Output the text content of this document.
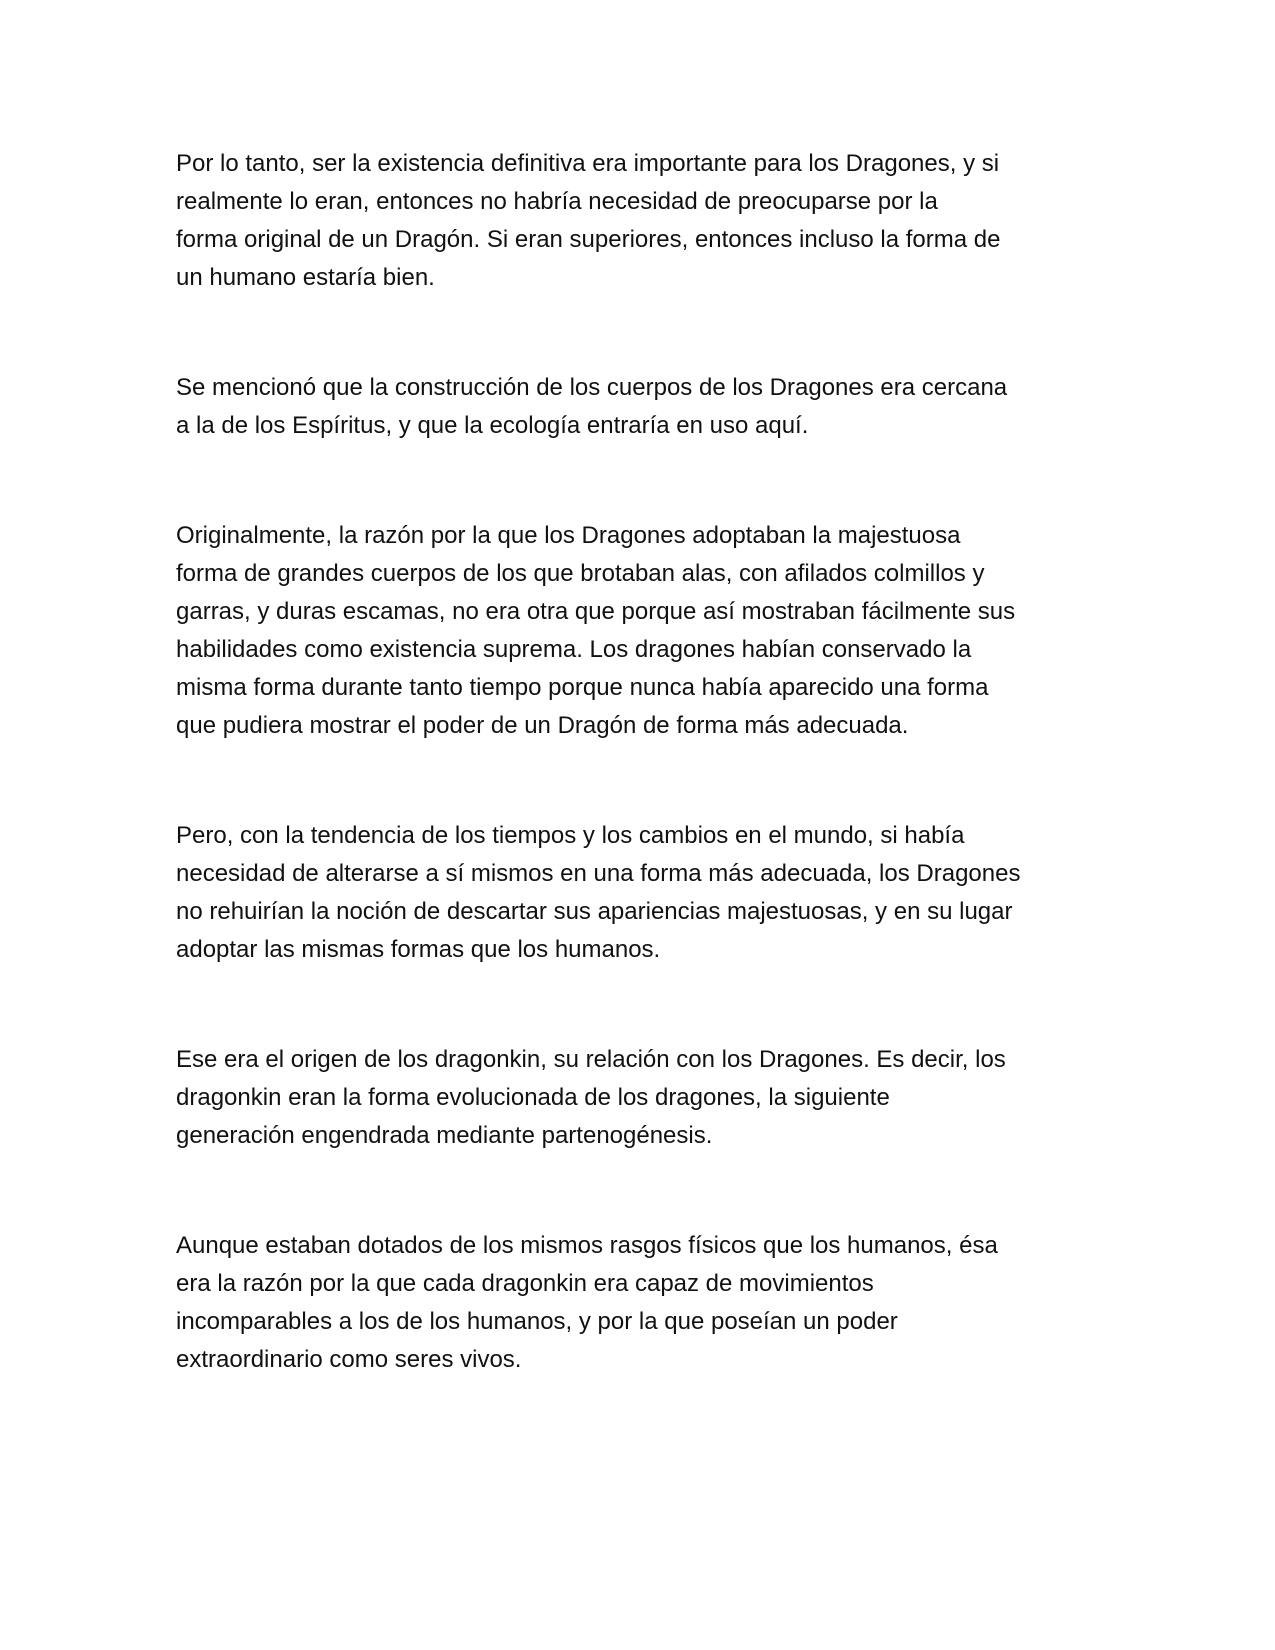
Por lo tanto, ser la existencia definitiva era importante para los Dragones, y si
realmente lo eran, entonces no habría necesidad de preocuparse por la
forma original de un Dragón. Si eran superiores, entonces incluso la forma de
un humano estaría bien.

Se mencionó que la construcción de los cuerpos de los Dragones era cercana
a la de los Espíritus, y que la ecología entraría en uso aquí.

Originalmente, la razón por la que los Dragones adoptaban la majestuosa
forma de grandes cuerpos de los que brotaban alas, con afilados colmillos y
garras, y duras escamas, no era otra que porque así mostraban fácilmente sus
habilidades como existencia suprema. Los dragones habían conservado la
misma forma durante tanto tiempo porque nunca había aparecido una forma
que pudiera mostrar el poder de un Dragón de forma más adecuada.

Pero, con la tendencia de los tiempos y los cambios en el mundo, si había
necesidad de alterarse a sí mismos en una forma más adecuada, los Dragones
no rehuirían la noción de descartar sus apariencias majestuosas, y en su lugar
adoptar las mismas formas que los humanos.

Ese era el origen de los dragonkin, su relación con los Dragones. Es decir, los
dragonkin eran la forma evolucionada de los dragones, la siguiente
generación engendrada mediante partenogénesis.

Aunque estaban dotados de los mismos rasgos físicos que los humanos, ésa
era la razón por la que cada dragonkin era capaz de movimientos
incomparables a los de los humanos, y por la que poseían un poder
extraordinario como seres vivos.
